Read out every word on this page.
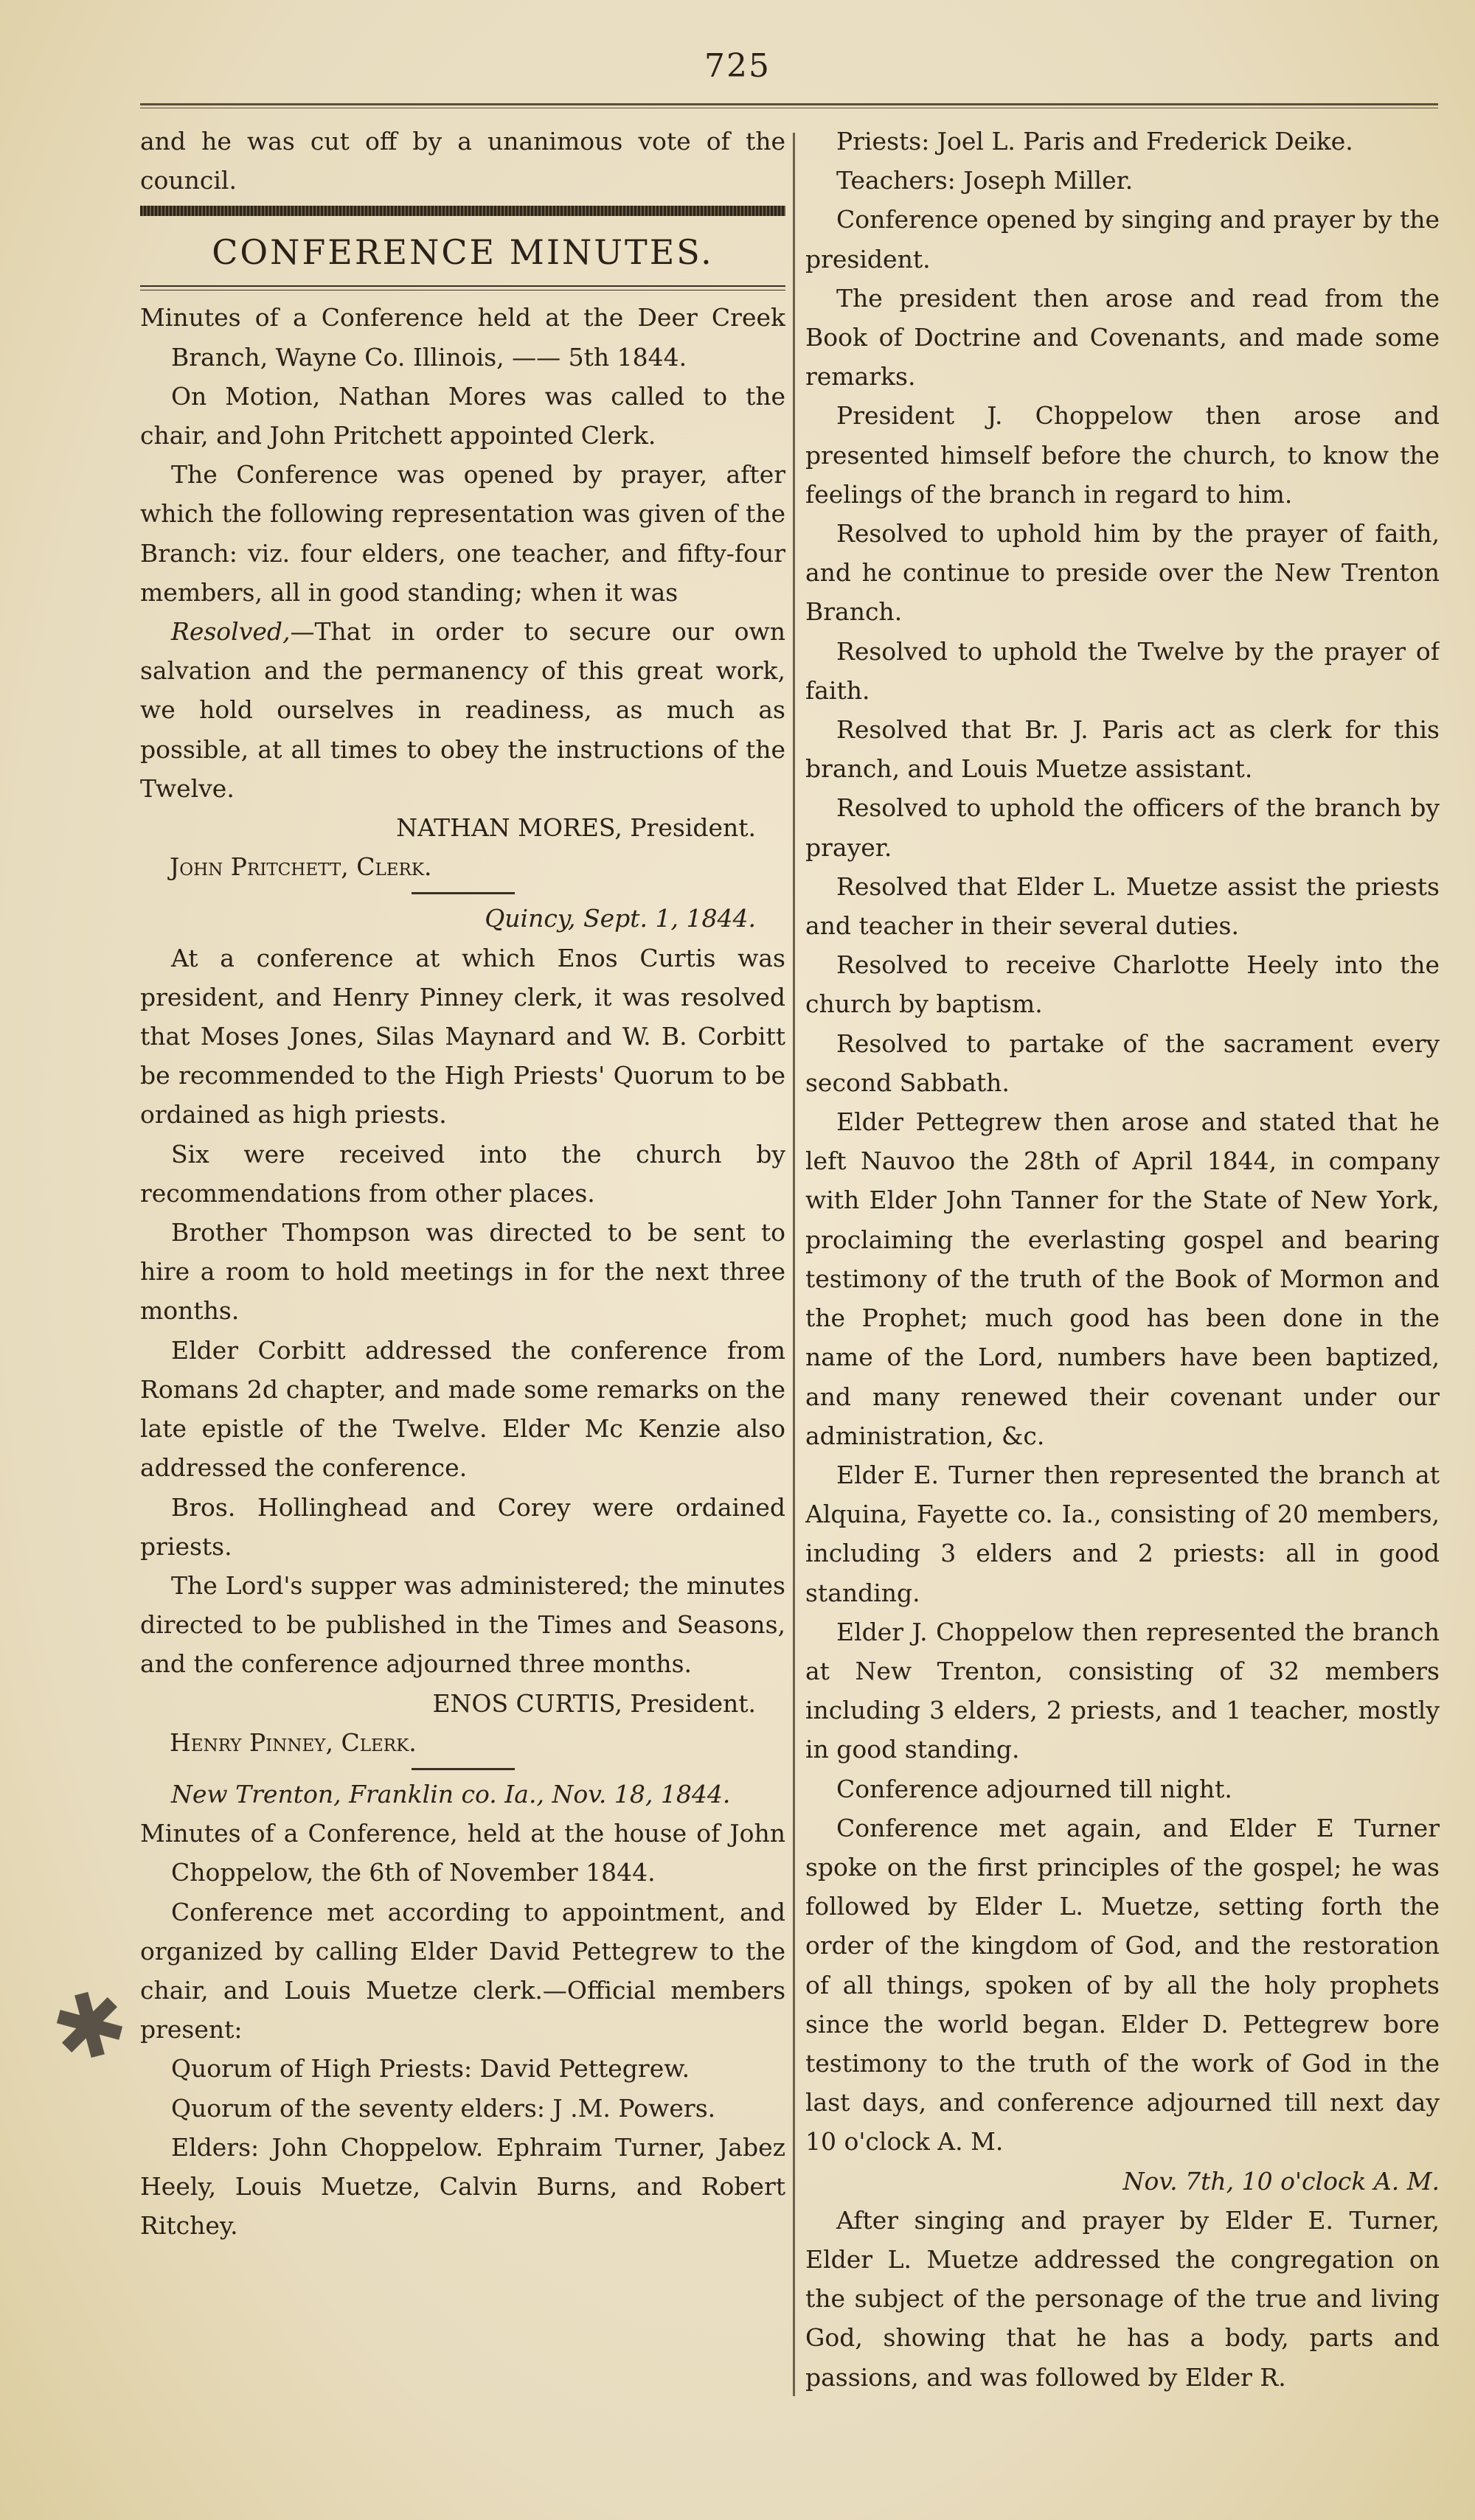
725

and he was cut off by a unanimous vote of the council.

CONFERENCE MINUTES.

Minutes of a Conference held at the Deer Creek Branch, Wayne Co. Illinois, —— 5th 1844.

On Motion, Nathan Mores was called to the chair, and John Pritchett appointed Clerk.

The Conference was opened by prayer, after which the following representation was given of the Branch: viz. four elders, one teacher, and fifty-four members, all in good standing; when it was

Resolved,—That in order to secure our own salvation and the permanency of this great work, we hold ourselves in readiness, as much as possible, at all times to obey the instructions of the Twelve.

NATHAN MORES, President.

John Pritchett, Clerk.

Quincy, Sept. 1, 1844.

At a conference at which Enos Curtis was president, and Henry Pinney clerk, it was resolved that Moses Jones, Silas Maynard and W. B. Corbitt be recommended to the High Priests' Quorum to be ordained as high priests.

Six were received into the church by recommendations from other places.

Brother Thompson was directed to be sent to hire a room to hold meetings in for the next three months.

Elder Corbitt addressed the conference from Romans 2d chapter, and made some remarks on the late epistle of the Twelve. Elder Mc Kenzie also addressed the conference.

Bros. Hollinghead and Corey were ordained priests.

The Lord's supper was administered; the minutes directed to be published in the Times and Seasons, and the conference adjourned three months.

ENOS CURTIS, President.

Henry Pinney, Clerk.

New Trenton, Franklin co. Ia., Nov. 18, 1844.

Minutes of a Conference, held at the house of John Choppelow, the 6th of November 1844.

Conference met according to appointment, and organized by calling Elder David Pettegrew to the chair, and Louis Muetze clerk.—Official members present:

Quorum of High Priests: David Pettegrew.

Quorum of the seventy elders: J .M. Powers.

Elders: John Choppelow. Ephraim Turner, Jabez Heely, Louis Muetze, Calvin Burns, and Robert Ritchey.

Priests: Joel L. Paris and Frederick Deike.

Teachers: Joseph Miller.

Conference opened by singing and prayer by the president.

The president then arose and read from the Book of Doctrine and Covenants, and made some remarks.

President J. Choppelow then arose and presented himself before the church, to know the feelings of the branch in regard to him.

Resolved to uphold him by the prayer of faith, and he continue to preside over the New Trenton Branch.

Resolved to uphold the Twelve by the prayer of faith.

Resolved that Br. J. Paris act as clerk for this branch, and Louis Muetze assistant.

Resolved to uphold the officers of the branch by prayer.

Resolved that Elder L. Muetze assist the priests and teacher in their several duties.

Resolved to receive Charlotte Heely into the church by baptism.

Resolved to partake of the sacrament every second Sabbath.

Elder Pettegrew then arose and stated that he left Nauvoo the 28th of April 1844, in company with Elder John Tanner for the State of New York, proclaiming the everlasting gospel and bearing testimony of the truth of the Book of Mormon and the Prophet; much good has been done in the name of the Lord, numbers have been baptized, and many renewed their covenant under our administration, &c.

Elder E. Turner then represented the branch at Alquina, Fayette co. Ia., consisting of 20 members, including 3 elders and 2 priests: all in good standing.

Elder J. Choppelow then represented the branch at New Trenton, consisting of 32 members including 3 elders, 2 priests, and 1 teacher, mostly in good standing.

Conference adjourned till night.

Conference met again, and Elder E Turner spoke on the first principles of the gospel; he was followed by Elder L. Muetze, setting forth the order of the kingdom of God, and the restoration of all things, spoken of by all the holy prophets since the world began. Elder D. Pettegrew bore testimony to the truth of the work of God in the last days, and conference adjourned till next day 10 o'clock A. M.

Nov. 7th, 10 o'clock A. M.

After singing and prayer by Elder E. Turner, Elder L. Muetze addressed the congregation on the subject of the personage of the true and living God, showing that he has a body, parts and passions, and was followed by Elder R.

✱
